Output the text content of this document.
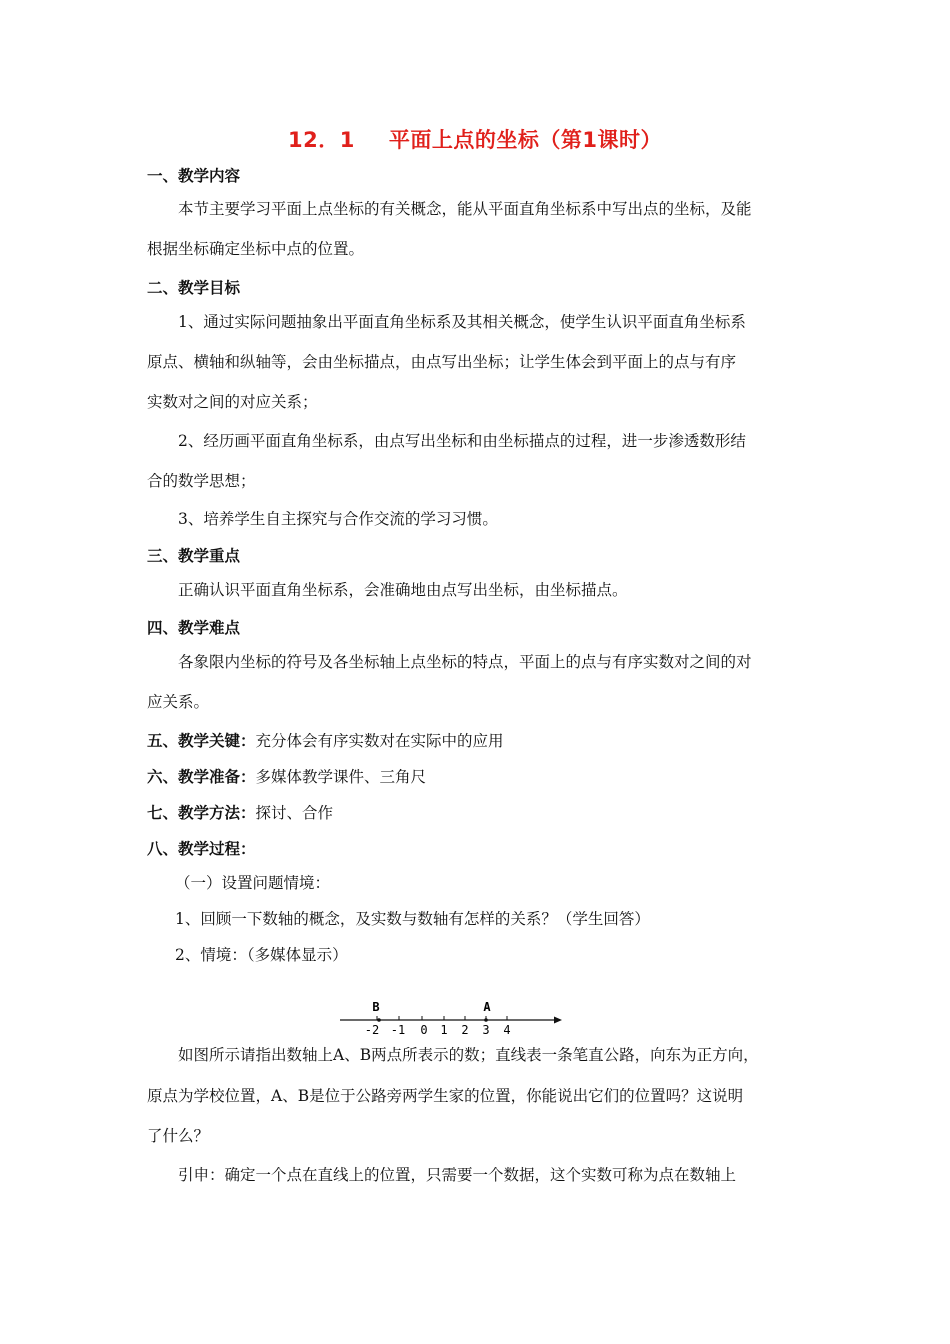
12．1 平面上点的坐标（第1课时）
一、教学内容
本节主要学习平面上点坐标的有关概念，能从平面直角坐标系中写出点的坐标，及能
根据坐标确定坐标中点的位置。
二、教学目标
1、通过实际问题抽象出平面直角坐标系及其相关概念，使学生认识平面直角坐标系
原点、横轴和纵轴等，会由坐标描点，由点写出坐标；让学生体会到平面上的点与有序
实数对之间的对应关系；
2、经历画平面直角坐标系，由点写出坐标和由坐标描点的过程，进一步渗透数形结
合的数学思想；
3、培养学生自主探究与合作交流的学习习惯。
三、教学重点
正确认识平面直角坐标系，会准确地由点写出坐标，由坐标描点。
四、教学难点
各象限内坐标的符号及各坐标轴上点坐标的特点，平面上的点与有序实数对之间的对
应关系。
五、教学关键：充分体会有序实数对在实际中的应用
六、教学准备：多媒体教学课件、三角尺
七、教学方法：探讨、合作
八、教学过程：
（一）设置问题情境：
1、回顾一下数轴的概念，及实数与数轴有怎样的关系？（学生回答）
2、情境：（多媒体显示）
B	A
-2 -1 0 1 2 3 4
如图所示请指出数轴上A、B两点所表示的数；直线表一条笔直公路，向东为正方向，
原点为学校位置，A、B是位于公路旁两学生家的位置，你能说出它们的位置吗？这说明
了什么？
引申：确定一个点在直线上的位置，只需要一个数据，这个实数可称为点在数轴上
